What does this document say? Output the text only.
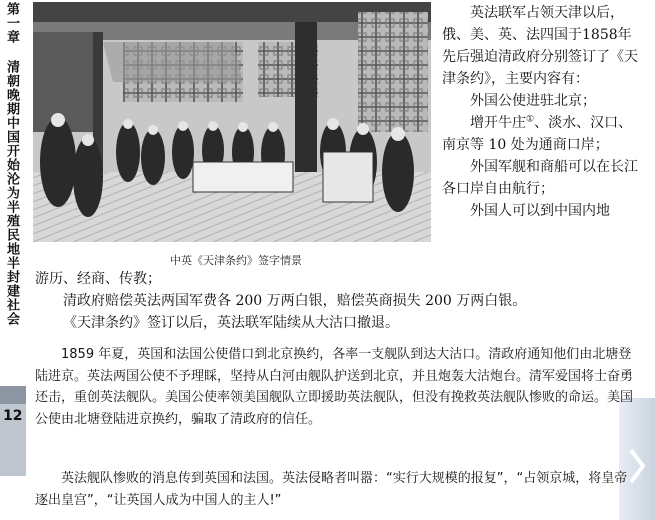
第一章 清朝晚期中国开始沦为半殖民地半封建社会
12
中英《天津条约》签字情景

英法联军占领天津以后，俄、美、英、法四国于1858年先后强迫清政府分别签订了《天津条约》，主要内容有：

外国公使进驻北京；

增开牛庄①、淡水、汉口、南京等 10 处为通商口岸；

外国军舰和商船可以在长江各口岸自由航行；

外国人可以到中国内地

游历、经商、传教；

清政府赔偿英法两国军费各 200 万两白银，赔偿英商损失 200 万两白银。

《天津条约》签订以后，英法联军陆续从大沽口撤退。

1859 年夏，英国和法国公使借口到北京换约，各率一支舰队到达大沽口。清政府通知他们由北塘登陆进京。英法两国公使不予理睬，坚持从白河由舰队护送到北京，并且炮轰大沽炮台。清军爱国将士奋勇还击，重创英法舰队。美国公使率领美国舰队立即援助英法舰队，但没有挽救英法舰队惨败的命运。美国公使由北塘登陆进京换约，骗取了清政府的信任。

英法舰队惨败的消息传到英国和法国。英法侵略者叫嚣：“实行大规模的报复”，“占领京城，将皇帝逐出皇宫”，“让英国人成为中国人的主人!”
